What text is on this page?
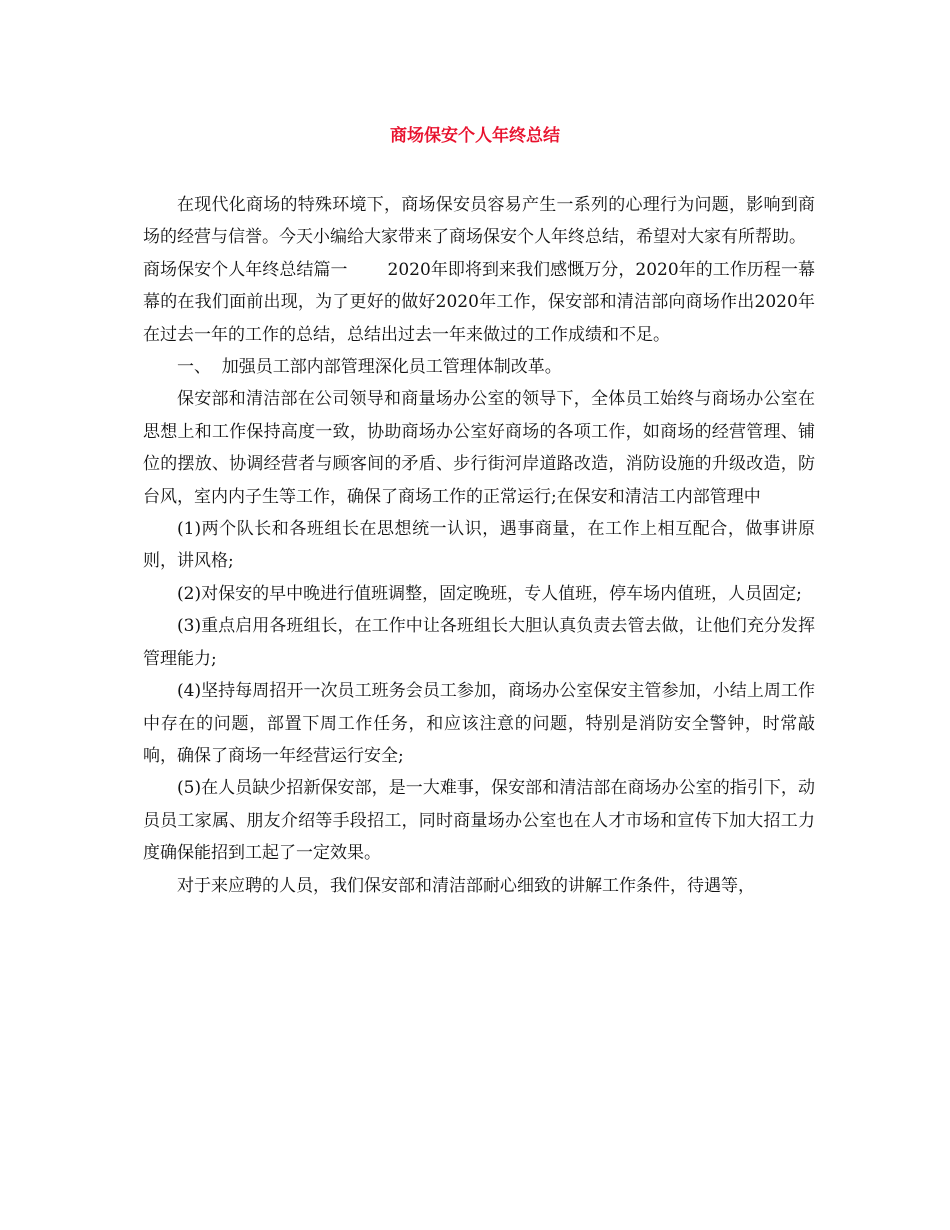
商场保安个人年终总结

在现代化商场的特殊环境下，商场保安员容易产生一系列的心理行为问题，影响到商场的经营与信誉。今天小编给大家带来了商场保安个人年终总结，希望对大家有所帮助。

商场保安个人年终总结篇一 2020年即将到来我们感慨万分，2020年的工作历程一幕幕的在我们面前出现，为了更好的做好2020年工作，保安部和清洁部向商场作出2020年在过去一年的工作的总结，总结出过去一年来做过的工作成绩和不足。

一、  加强员工部内部管理深化员工管理体制改革。

保安部和清洁部在公司领导和商量场办公室的领导下，全体员工始终与商场办公室在思想上和工作保持高度一致，协助商场办公室好商场的各项工作，如商场的经营管理、铺位的摆放、协调经营者与顾客间的矛盾、步行街河岸道路改造，消防设施的升级改造，防台风，室内内子生等工作，确保了商场工作的正常运行;在保安和清洁工内部管理中

(1)两个队长和各班组长在思想统一认识，遇事商量，在工作上相互配合，做事讲原则，讲风格;

(2)对保安的早中晚进行值班调整，固定晚班，专人值班，停车场内值班，人员固定;

(3)重点启用各班组长，在工作中让各班组长大胆认真负责去管去做，让他们充分发挥管理能力;

(4)坚持每周招开一次员工班务会员工参加，商场办公室保安主管参加，小结上周工作中存在的问题，部置下周工作任务，和应该注意的问题，特别是消防安全警钟，时常敲响，确保了商场一年经营运行安全;

(5)在人员缺少招新保安部，是一大难事，保安部和清洁部在商场办公室的指引下，动员员工家属、朋友介绍等手段招工，同时商量场办公室也在人才市场和宣传下加大招工力度确保能招到工起了一定效果。

对于来应聘的人员，我们保安部和清洁部耐心细致的讲解工作条件，待遇等，
